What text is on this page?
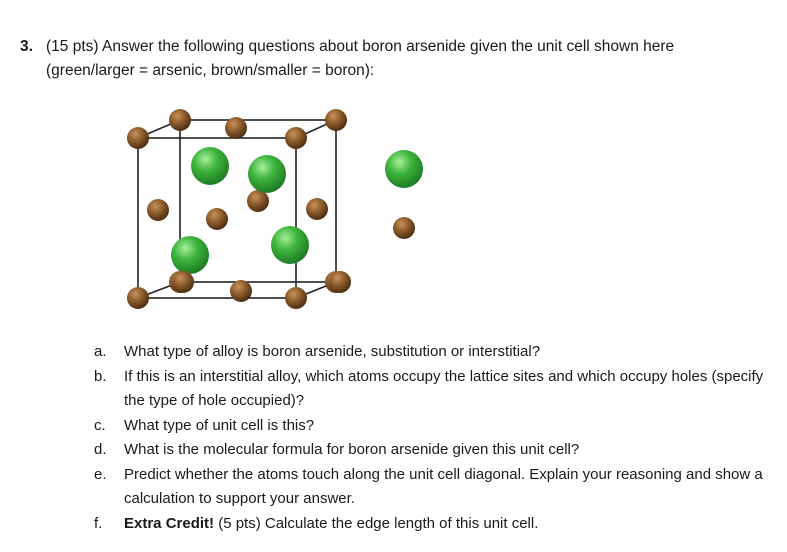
3. (15 pts) Answer the following questions about boron arsenide given the unit cell shown here
(green/larger = arsenic, brown/smaller = boron):
a.	What type of alloy is boron arsenide, substitution or interstitial?
b.	If this is an interstitial alloy, which atoms occupy the lattice sites and which occupy holes (specify the type of hole occupied)?
c.	What type of unit cell is this?
d.	What is the molecular formula for boron arsenide given this unit cell?
e.	Predict whether the atoms touch along the unit cell diagonal. Explain your reasoning and show a calculation to support your answer.
f.	Extra Credit! (5 pts) Calculate the edge length of this unit cell.
